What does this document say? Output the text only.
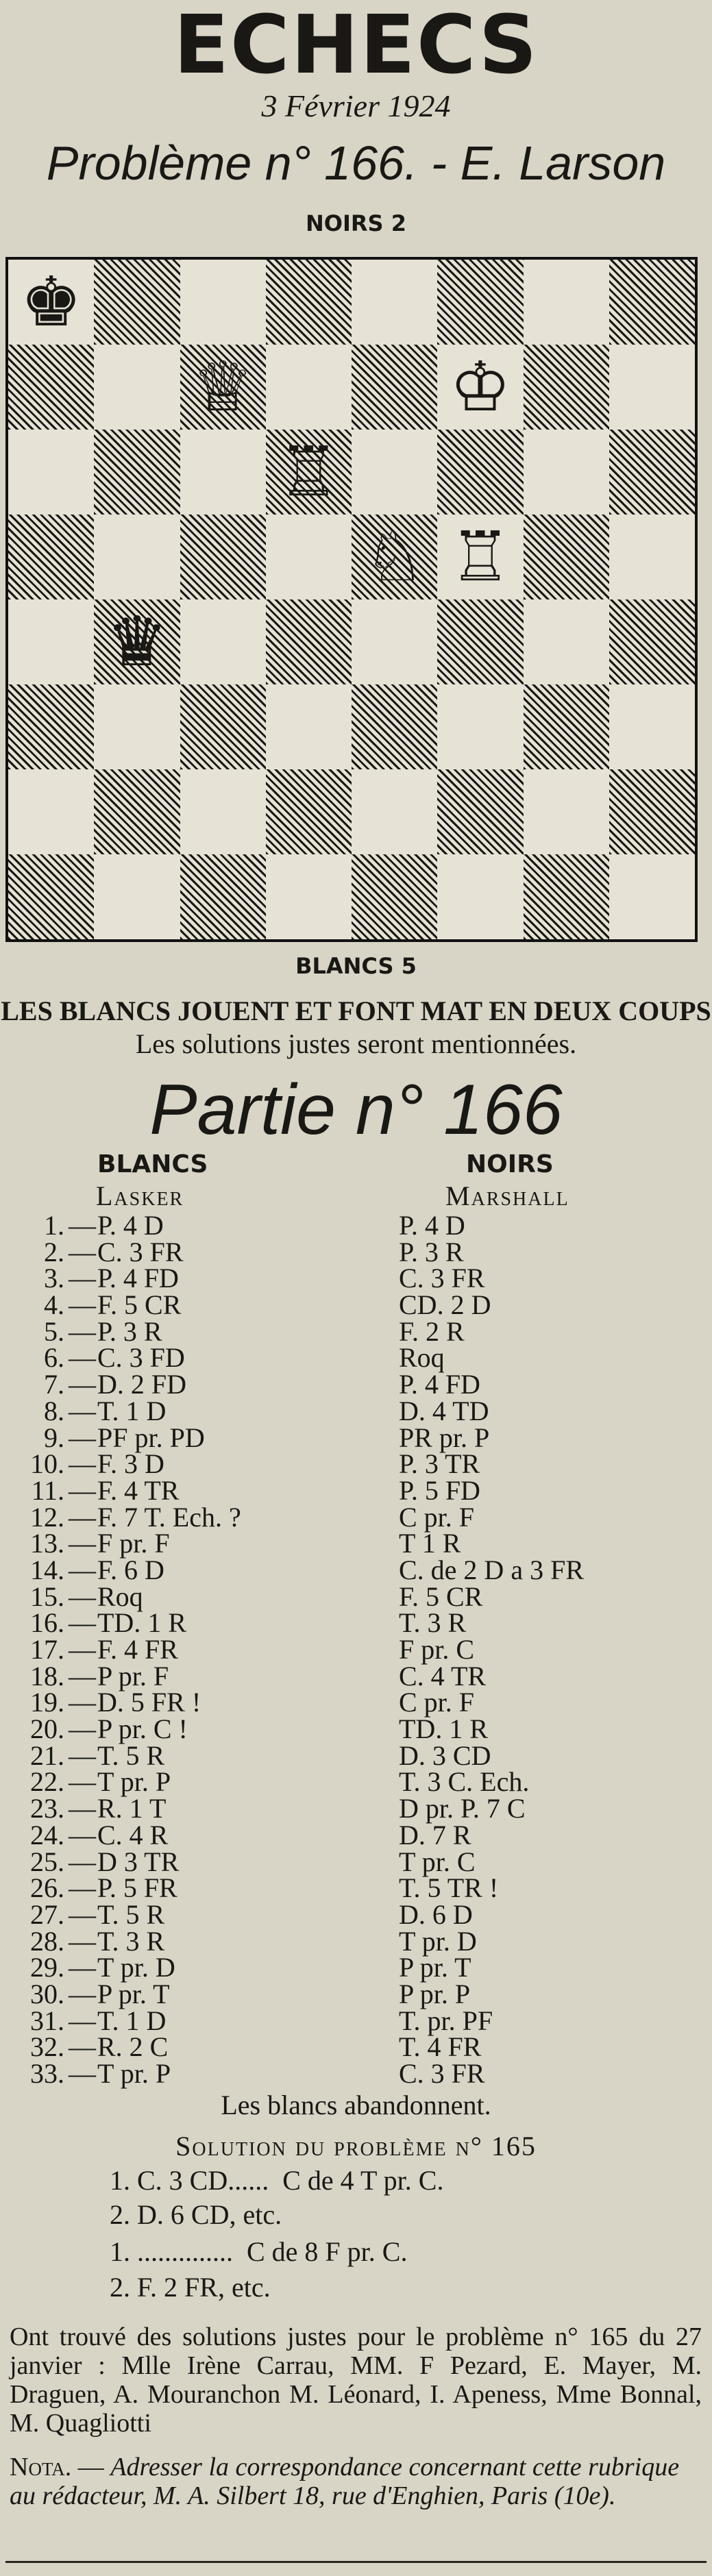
ECHECS
3 Février 1924
Problème n° 166. - E. Larson
NOIRS 2
♚
♕	♔
♖
♘ ♖
♛
BLANCS 5
LES BLANCS JOUENT ET FONT MAT EN DEUX COUPS
Les solutions justes seront mentionnées.
Partie n° 166
BLANCS	NOIRS
Lasker	Marshall
1. — P. 4 D	P. 4 D
2. — C. 3 FR	P. 3 R
3. — P. 4 FD	C. 3 FR
4. — F. 5 CR	CD. 2 D
5. — P. 3 R	F. 2 R
6. — C. 3 FD	Roq
7. — D. 2 FD	P. 4 FD
8. — T. 1 D	D. 4 TD
9. — PF pr. PD	PR pr. P
10. — F. 3 D	P. 3 TR
11. — F. 4 TR	P. 5 FD
12. — F. 7 T. Ech. ?	C pr. F
13. — F pr. F	T 1 R
14. — F. 6 D	C. de 2 D a 3 FR
15. — Roq	F. 5 CR
16. — TD. 1 R	T. 3 R
17. — F. 4 FR	F pr. C
18. — P pr. F	C. 4 TR
19. — D. 5 FR !	C pr. F
20. — P pr. C !	TD. 1 R
21. — T. 5 R	D. 3 CD
22. — T pr. P	T. 3 C. Ech.
23. — R. 1 T	D pr. P. 7 C
24. — C. 4 R	D. 7 R
25. — D 3 TR	T pr. C
26. — P. 5 FR	T. 5 TR !
27. — T. 5 R	D. 6 D
28. — T. 3 R	T pr. D
29. — T pr. D	P pr. T
30. — P pr. T	P pr. P
31. — T. 1 D	T. pr. PF
32. — R. 2 C	T. 4 FR
33. — T pr. P	C. 3 FR
Les blancs abandonnent.
Solution du problème n° 165
1. C. 3 CD......  C de 4 T pr. C.
2. D. 6 CD, etc.
1. ..............  C de 8 F pr. C.
2. F. 2 FR, etc.
Ont trouvé des solutions justes pour le problème n° 165 du 27 janvier : Mlle Irène Carrau, MM. F Pezard, E. Mayer, M. Draguen, A. Mouranchon M. Léonard, I. Apeness, Mme Bonnal, M. Quagliotti
Nota. — Adresser la correspondance concernant cette rubrique au rédacteur, M. A. Silbert 18, rue d'Enghien, Paris (10e).
